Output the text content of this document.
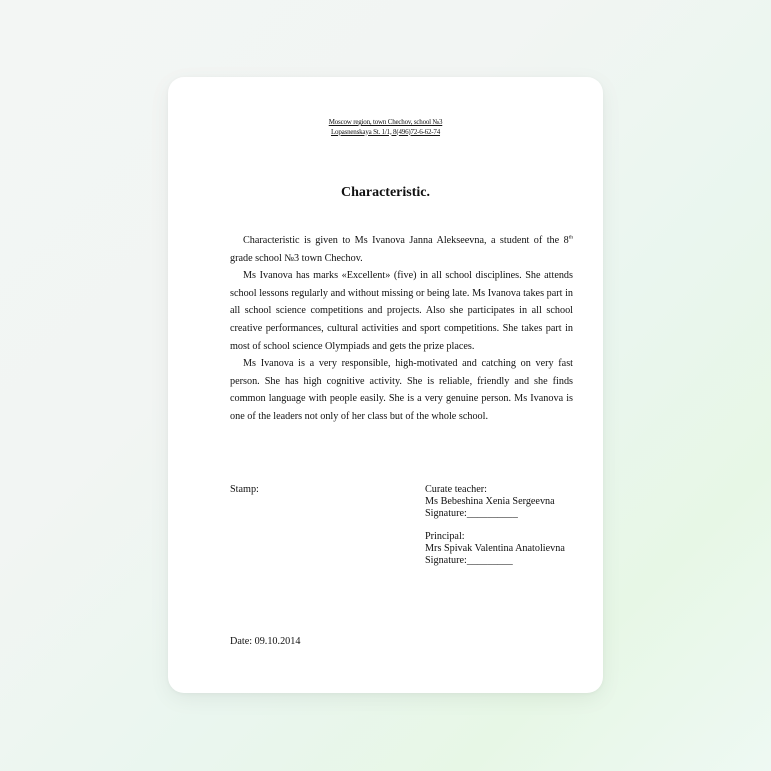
Moscow region, town Chechov, school №3
Lopasnenskaya St. 1/1, 8(496)72-6-62-74
Characteristic.

Characteristic is given to Ms Ivanova Janna Alekseevna, a student of the 8th grade school №3 town Chechov.

Ms Ivanova has marks «Excellent» (five) in all school disciplines. She attends school lessons regularly and without missing or being late. Ms Ivanova takes part in all school science competitions and projects. Also she participates in all school creative performances, cultural activities and sport competitions. She takes part in most of school science Olympiads and gets the prize places.

Ms Ivanova is a very responsible, high-motivated and catching on very fast person. She has high cognitive activity. She is reliable, friendly and she finds common language with people easily. She is a very genuine person. Ms Ivanova is one of the leaders not only of her class but of the whole school.

Stamp:	Curate teacher:
Ms Bebeshina Xenia Sergeevna
Signature:__________
Principal:
Mrs Spivak Valentina Anatolievna
Signature:_________
Date: 09.10.2014
